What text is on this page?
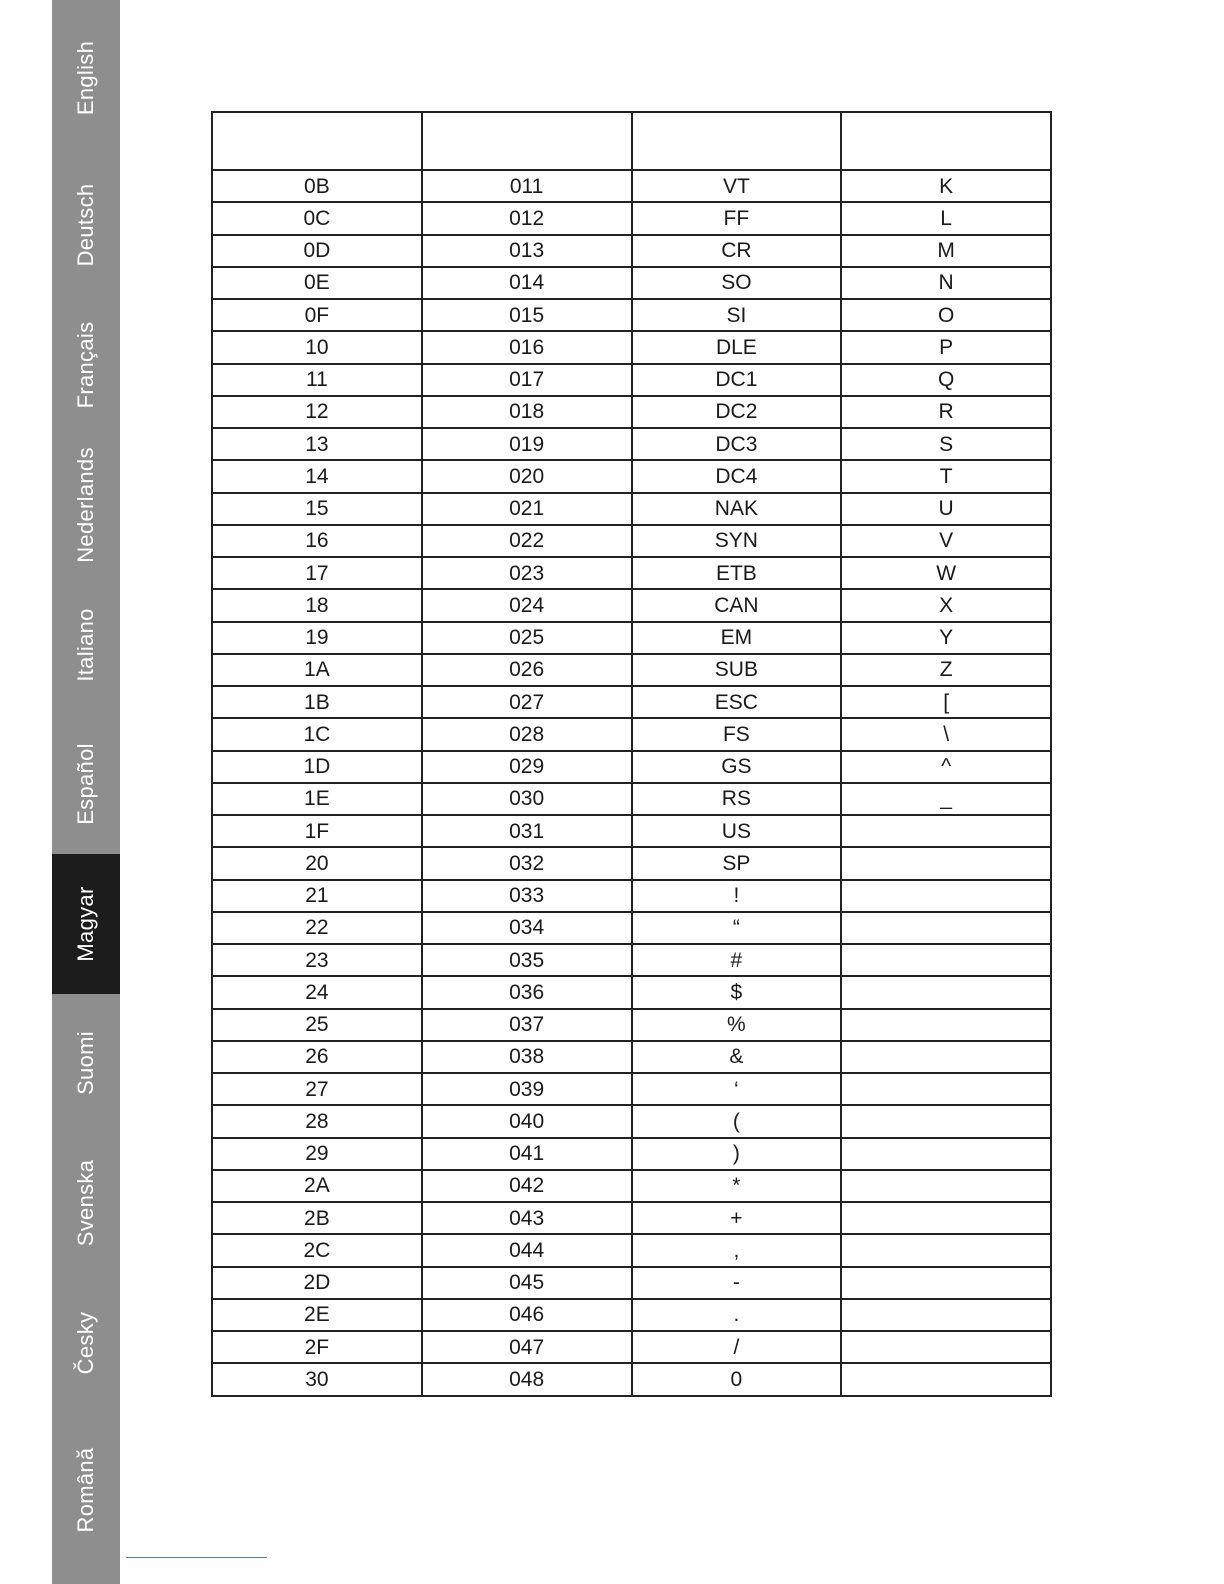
English
Deutsch
Français
Nederlands
Italiano
Español
Magyar
Suomi
Svenska
Česky
Română

0B	011	VT	K
0C	012	FF	L
0D	013	CR	M
0E	014	SO	N
0F	015	SI	O
10	016	DLE	P
11	017	DC1	Q
12	018	DC2	R
13	019	DC3	S
14	020	DC4	T
15	021	NAK	U
16	022	SYN	V
17	023	ETB	W
18	024	CAN	X
19	025	EM	Y
1A	026	SUB	Z
1B	027	ESC	[
1C	028	FS	\
1D	029	GS	^
1E	030	RS	_
1F	031	US	
20	032	SP	
21	033	!	
22	034	“	
23	035	#	
24	036	$	
25	037	%	
26	038	&	
27	039	‘	
28	040	(	
29	041	)	
2A	042	*	
2B	043	+	
2C	044	,	
2D	045	-	
2E	046	.	
2F	047	/	
30	048	0	
